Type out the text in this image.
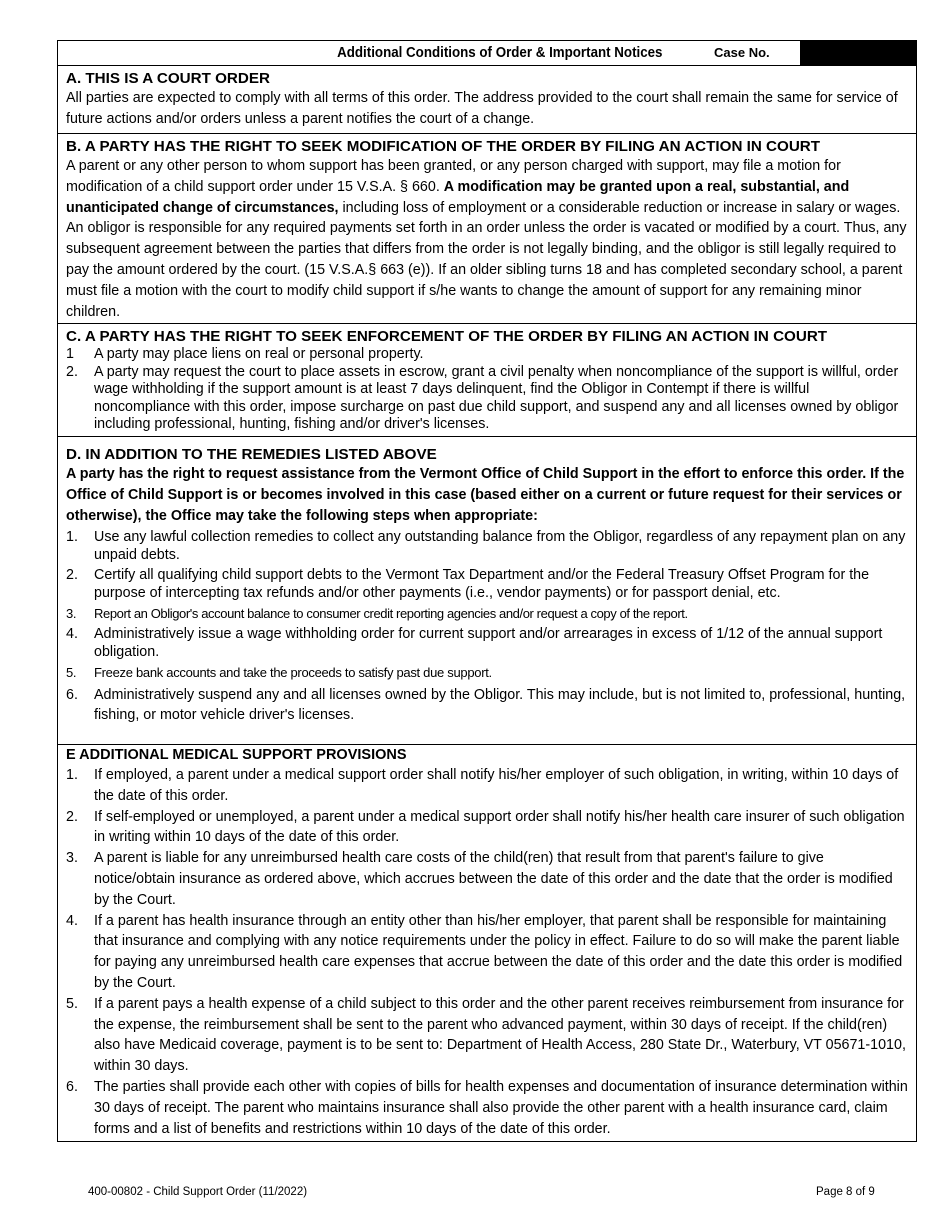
Additional Conditions of Order & Important Notices	Case No.
A. THIS IS A COURT ORDER

All parties are expected to comply with all terms of this order. The address provided to the court shall remain the same for service of future actions and/or orders unless a parent notifies the court of a change.

B. A PARTY HAS THE RIGHT TO SEEK MODIFICATION OF THE ORDER BY FILING AN ACTION IN COURT

A parent or any other person to whom support has been granted, or any person charged with support, may file a motion for modification of a child support order under 15 V.S.A. § 660. A modification may be granted upon a real, substantial, and unanticipated change of circumstances, including loss of employment or a considerable reduction or increase in salary or wages. An obligor is responsible for any required payments set forth in an order unless the order is vacated or modified by a court. Thus, any subsequent agreement between the parties that differs from the order is not legally binding, and the obligor is still legally required to pay the amount ordered by the court. (15 V.S.A.§ 663 (e)). If an older sibling turns 18 and has completed secondary school, a parent must file a motion with the court to modify child support if s/he wants to change the amount of support for any remaining minor children.

C. A PARTY HAS THE RIGHT TO SEEK ENFORCEMENT OF THE ORDER BY FILING AN ACTION IN COURT
1	A party may place liens on real or personal property.
2.	A party may request the court to place assets in escrow, grant a civil penalty when noncompliance of the support is willful, order wage withholding if the support amount is at least 7 days delinquent, find the Obligor in Contempt if there is willful noncompliance with this order, impose surcharge on past due child support, and suspend any and all licenses owned by obligor including professional, hunting, fishing and/or driver's licenses.
D. IN ADDITION TO THE REMEDIES LISTED ABOVE

A party has the right to request assistance from the Vermont Office of Child Support in the effort to enforce this order. If the Office of Child Support is or becomes involved in this case (based either on a current or future request for their services or otherwise), the Office may take the following steps when appropriate:

1.	Use any lawful collection remedies to collect any outstanding balance from the Obligor, regardless of any repayment plan on any unpaid debts.
2.	Certify all qualifying child support debts to the Vermont Tax Department and/or the Federal Treasury Offset Program for the purpose of intercepting tax refunds and/or other payments (i.e., vendor payments) or for passport denial, etc.
3.	Report an Obligor's account balance to consumer credit reporting agencies and/or request a copy of the report.
4.	Administratively issue a wage withholding order for current support and/or arrearages in excess of 1/12 of the annual support obligation.
5.	Freeze bank accounts and take the proceeds to satisfy past due support.
6.	Administratively suspend any and all licenses owned by the Obligor. This may include, but is not limited to, professional, hunting, fishing, or motor vehicle driver's licenses.
E ADDITIONAL MEDICAL SUPPORT PROVISIONS
1.	If employed, a parent under a medical support order shall notify his/her employer of such obligation, in writing, within 10 days of the date of this order.
2.	If self-employed or unemployed, a parent under a medical support order shall notify his/her health care insurer of such obligation in writing within 10 days of the date of this order.
3.	A parent is liable for any unreimbursed health care costs of the child(ren) that result from that parent's failure to give notice/obtain insurance as ordered above, which accrues between the date of this order and the date that the order is modified by the Court.
4.	If a parent has health insurance through an entity other than his/her employer, that parent shall be responsible for maintaining that insurance and complying with any notice requirements under the policy in effect. Failure to do so will make the parent liable for paying any unreimbursed health care expenses that accrue between the date of this order and the date this order is modified by the Court.
5.	If a parent pays a health expense of a child subject to this order and the other parent receives reimbursement from insurance for the expense, the reimbursement shall be sent to the parent who advanced payment, within 30 days of receipt. If the child(ren) also have Medicaid coverage, payment is to be sent to: Department of Health Access, 280 State Dr., Waterbury, VT 05671-1010, within 30 days.
6.	The parties shall provide each other with copies of bills for health expenses and documentation of insurance determination within 30 days of receipt. The parent who maintains insurance shall also provide the other parent with a health insurance card, claim forms and a list of benefits and restrictions within 10 days of the date of this order.
400-00802 - Child Support Order (11/2022)	Page 8 of 9
